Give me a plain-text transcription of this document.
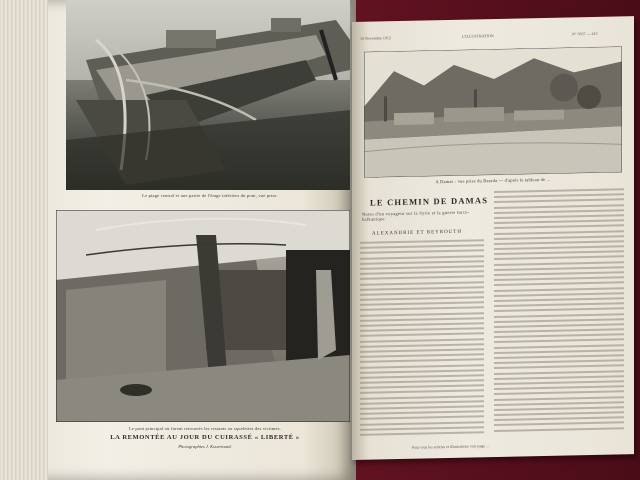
Le ptage central et une partie de l'étage inférieur du pont, vue prise.
Le pont principal où furent retrouvés les restants ou squelettes des victimes.
LA REMONTÉE AU JOUR DU CUIRASSÉ « LIBERTÉ »
Photographies J. Kourrinard.
16 Novembre 1912	L'ILLUSTRATION	N° 3637 — 413
A Damas : vue prise du Barada — d'après le tableau de ...
LE CHEMIN DE DAMAS
Notes d'un voyageur sur la Syrie et la guerre turco-balkanique
ALEXANDRIE ET BEYROUTH
Pour tous les articles et illustrations voir page ...
